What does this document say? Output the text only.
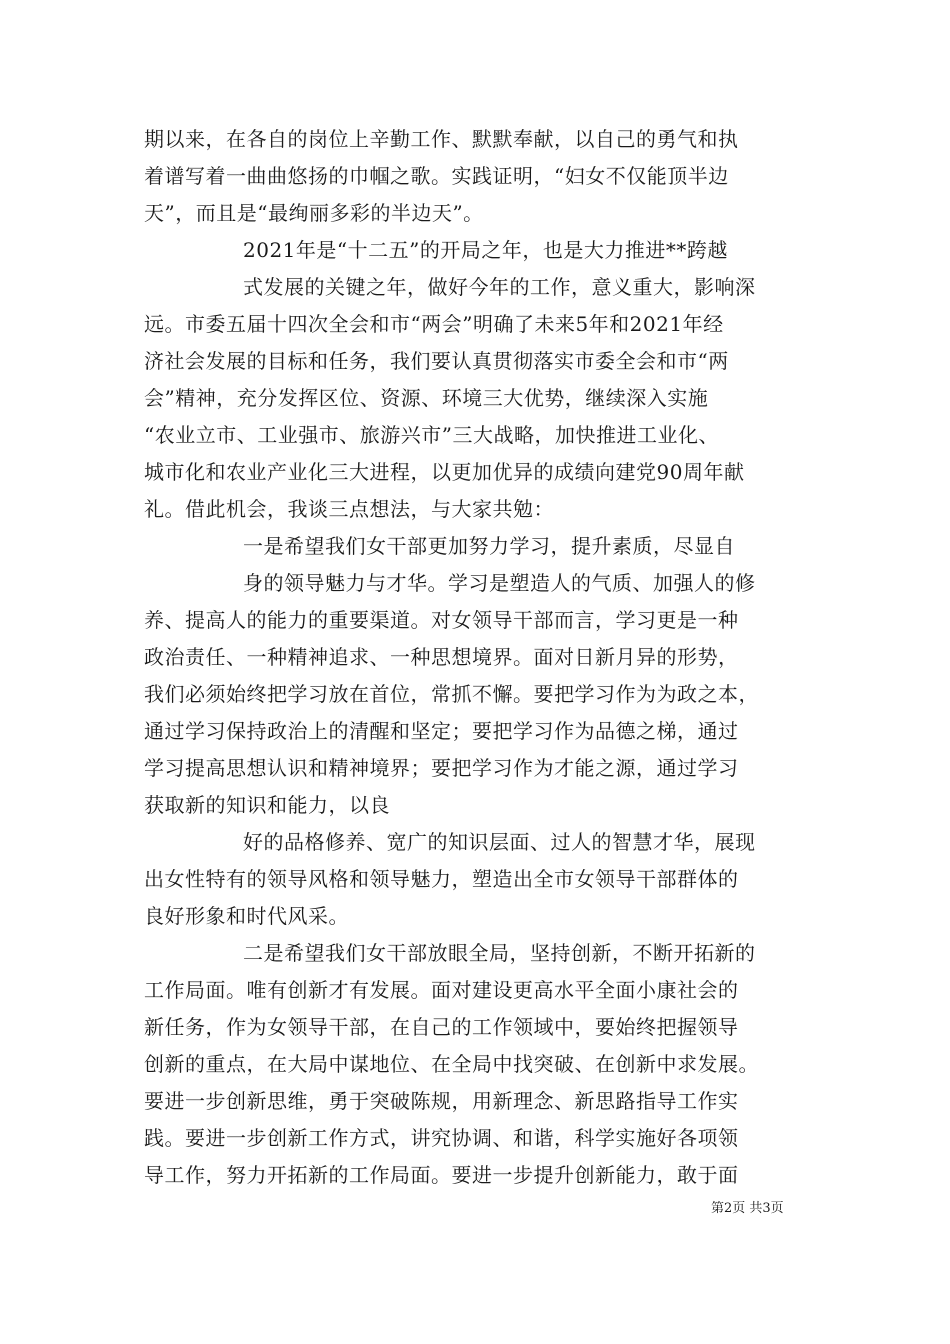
期以来，在各自的岗位上辛勤工作、默默奉献，以自己的勇气和执
着谱写着一曲曲悠扬的巾帼之歌。实践证明，“妇女不仅能顶半边
天”，而且是“最绚丽多彩的半边天”。
2021年是“十二五”的开局之年，也是大力推进**跨越
式发展的关键之年，做好今年的工作，意义重大，影响深
远。市委五届十四次全会和市“两会”明确了未来5年和2021年经
济社会发展的目标和任务，我们要认真贯彻落实市委全会和市“两
会”精神，充分发挥区位、资源、环境三大优势，继续深入实施
“农业立市、工业强市、旅游兴市”三大战略，加快推进工业化、
城市化和农业产业化三大进程，以更加优异的成绩向建党90周年献
礼。借此机会，我谈三点想法，与大家共勉：
一是希望我们女干部更加努力学习，提升素质，尽显自
身的领导魅力与才华。学习是塑造人的气质、加强人的修
养、提高人的能力的重要渠道。对女领导干部而言，学习更是一种
政治责任、一种精神追求、一种思想境界。面对日新月异的形势，
我们必须始终把学习放在首位，常抓不懈。要把学习作为为政之本，
通过学习保持政治上的清醒和坚定；要把学习作为品德之梯，通过
学习提高思想认识和精神境界；要把学习作为才能之源，通过学习
获取新的知识和能力，以良
好的品格修养、宽广的知识层面、过人的智慧才华，展现
出女性特有的领导风格和领导魅力，塑造出全市女领导干部群体的
良好形象和时代风采。
二是希望我们女干部放眼全局，坚持创新，不断开拓新的
工作局面。唯有创新才有发展。面对建设更高水平全面小康社会的
新任务，作为女领导干部，在自己的工作领域中，要始终把握领导
创新的重点，在大局中谋地位、在全局中找突破、在创新中求发展。
要进一步创新思维，勇于突破陈规，用新理念、新思路指导工作实
践。要进一步创新工作方式，讲究协调、和谐，科学实施好各项领
导工作，努力开拓新的工作局面。要进一步提升创新能力，敢于面
第2页 共3页
